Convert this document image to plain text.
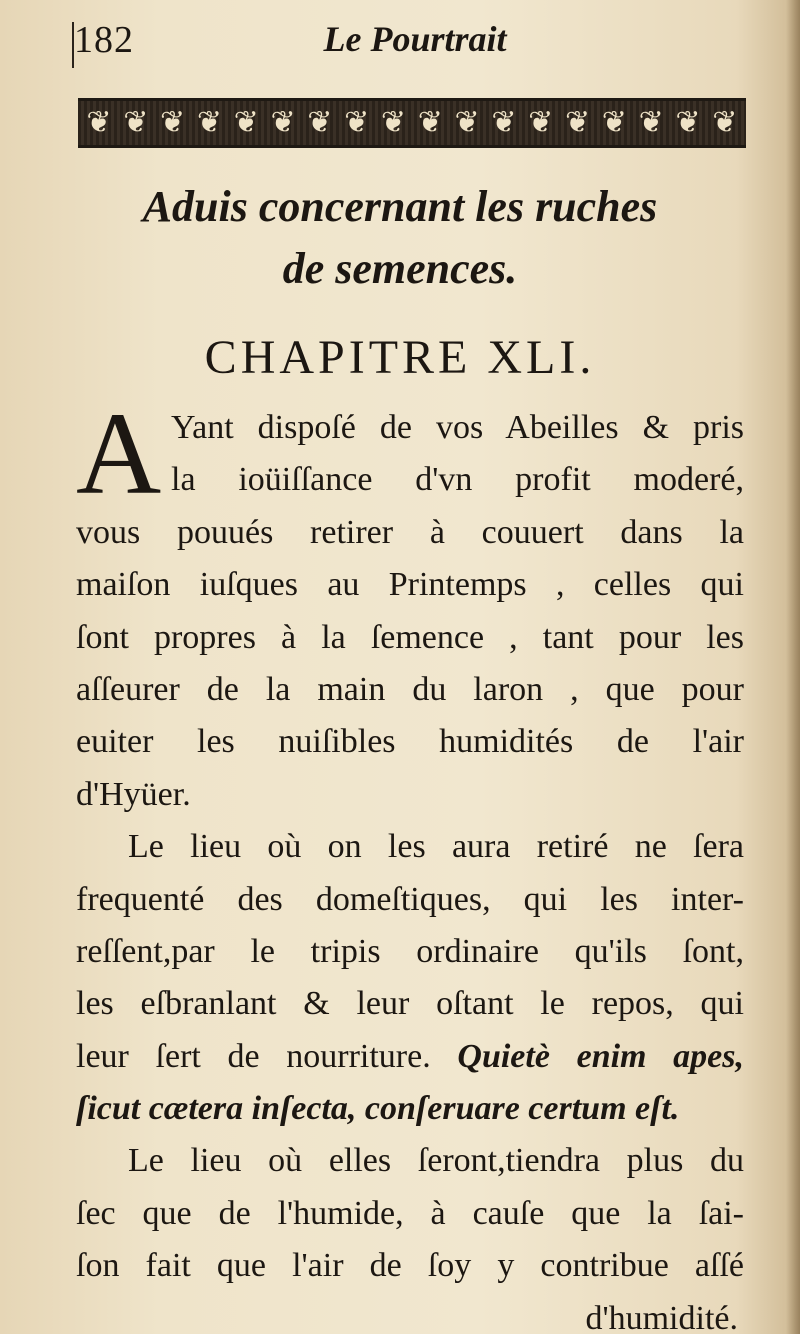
182	Le Pourtrait
❦ ❦ ❦ ❦ ❦ ❦ ❦ ❦ ❦ ❦ ❦ ❦ ❦ ❦ ❦ ❦ ❦ ❦
Aduis concernant les ruches
de semences.
CHAPITRE XLI.
A Yant dispoſé de vos Abeilles & pris
la ioüiſſance d'vn profit moderé,
vous pouués retirer à couuert dans la
maiſon iuſques au Printemps , celles qui
ſont propres à la ſemence , tant pour les
aſſeurer de la main du laron , que pour
euiter les nuiſibles humidités de l'air
d'Hyüer.
Le lieu où on les aura retiré ne ſera
frequenté des domeſtiques, qui les inter-
reſſent,par le tripis ordinaire qu'ils ſont,
les eſbranlant & leur oſtant le repos, qui
leur ſert de nourriture. Quietè enim apes,
ſicut cætera inſecta, conſeruare certum eſt.
Le lieu où elles ſeront,tiendra plus du
ſec que de l'humide, à cauſe que la ſai-
ſon fait que l'air de ſoy y contribue aſſé
d'humidité.
